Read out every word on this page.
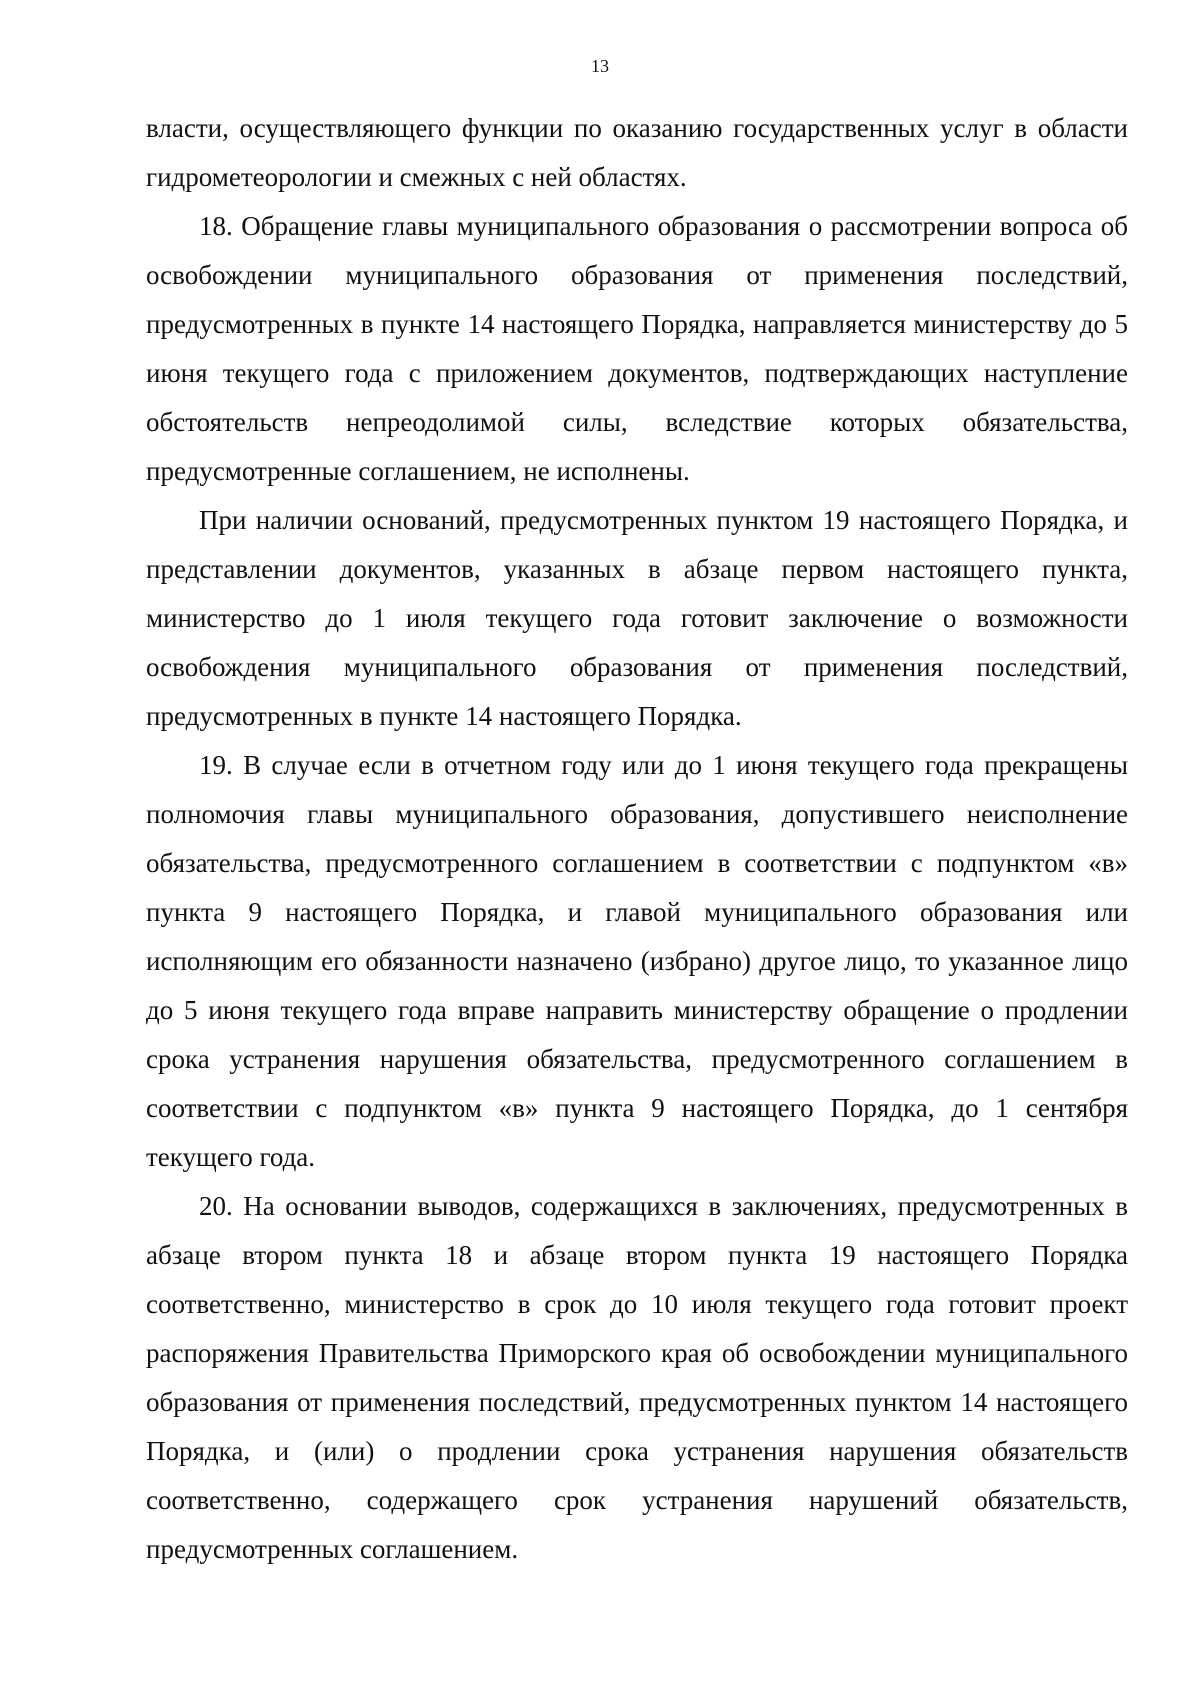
13

власти, осуществляющего функции по оказанию государственных услуг в области гидрометеорологии и смежных с ней областях.

18. Обращение главы муниципального образования о рассмотрении вопроса об освобождении муниципального образования от применения последствий, предусмотренных в пункте 14 настоящего Порядка, направляется министерству до 5 июня текущего года с приложением документов, подтверждающих наступление обстоятельств непреодолимой силы, вследствие которых обязательства, предусмотренные соглашением, не исполнены.

При наличии оснований, предусмотренных пунктом 19 настоящего Порядка, и представлении документов, указанных в абзаце первом настоящего пункта, министерство до 1 июля текущего года готовит заключение о возможности освобождения муниципального образования от применения последствий, предусмотренных в пункте 14 настоящего Порядка.

19. В случае если в отчетном году или до 1 июня текущего года прекращены полномочия главы муниципального образования, допустившего неисполнение обязательства, предусмотренного соглашением в соответствии с подпунктом «в» пункта 9 настоящего Порядка, и главой муниципального образования или исполняющим его обязанности назначено (избрано) другое лицо, то указанное лицо до 5 июня текущего года вправе направить министерству обращение о продлении срока устранения нарушения обязательства, предусмотренного соглашением в соответствии с подпунктом «в» пункта 9 настоящего Порядка, до 1 сентября текущего года.

20. На основании выводов, содержащихся в заключениях, предусмотренных в абзаце втором пункта 18 и абзаце втором пункта 19 настоящего Порядка соответственно, министерство в срок до 10 июля текущего года готовит проект распоряжения Правительства Приморского края об освобождении муниципального образования от применения последствий, предусмотренных пунктом 14 настоящего Порядка, и (или) о продлении срока устранения нарушения обязательств соответственно, содержащего срок устранения нарушений обязательств, предусмотренных соглашением.
